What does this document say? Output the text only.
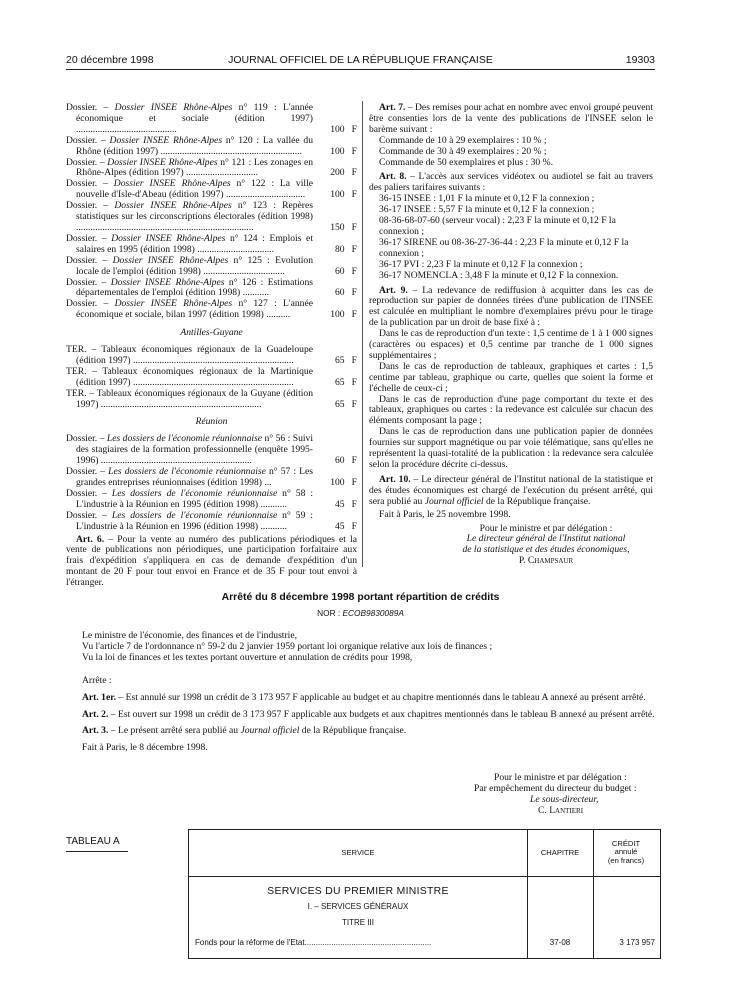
20 décembre 1998	JOURNAL OFFICIEL DE LA RÉPUBLIQUE FRANÇAISE	19303
Dossier. – Dossier INSEE Rhône-Alpes n° 119 : L'année économique et sociale (édition 1997) ..........................................	100 F
Dossier. – Dossier INSEE Rhône-Alpes n° 120 : La vallée du Rhône (édition 1997) ...........................................................	100 F
Dossier. – Dossier INSEE Rhône-Alpes n° 121 : Les zonages en Rhône-Alpes (édition 1997) ..............................	200 F
Dossier. – Dossier INSEE Rhône-Alpes n° 122 : La ville nouvelle d'Isle-d'Abeau (édition 1997) .................................	100 F
Dossier. – Dossier INSEE Rhône-Alpes n° 123 : Repères statistiques sur les circonscriptions électorales (édition 1998) ..........................................................................	150 F
Dossier. – Dossier INSEE Rhône-Alpes n° 124 : Emplois et salaires en 1995 (édition 1998) ................................	80 F
Dossier. – Dossier INSEE Rhône-Alpes n° 125 : Evolution locale de l'emploi (édition 1998) ..................................	60 F
Dossier. – Dossier INSEE Rhône-Alpes n° 126 : Estimations départementales de l'emploi (édition 1998) ...........	60 F
Dossier. – Dossier INSEE Rhône-Alpes n° 127 : L'année économique et sociale, bilan 1997 (édition 1998) ..........	100 F
Antilles-Guyane
TER. – Tableaux économiques régionaux de la Guadeloupe (édition 1997) ...................................................................	65 F
TER. – Tableaux économiques régionaux de la Martinique (édition 1997) ...................................................................	65 F
TER. – Tableaux économiques régionaux de la Guyane (édition 1997) ...................................................................	65 F
Réunion
Dossier. – Les dossiers de l'économie réunionnaise n° 56 : Suivi des stagiaires de la formation professionnelle (enquête 1995-1996) ...............................................................	60 F
Dossier. – Les dossiers de l'économie réunionnaise n° 57 : Les grandes entreprises réunionnaises (édition 1998) ...	100 F
Dossier. – Les dossiers de l'économie réunionnaise n° 58 : L'industrie à la Réunion en 1995 (édition 1998) ...........	45 F
Dossier. – Les dossiers de l'économie réunionnaise n° 59 : L'industrie à la Réunion en 1996 (édition 1998) ...........	45 F

Art. 6. – Pour la vente au numéro des publications périodiques et la vente de publications non périodiques, une participation forfaitaire aux frais d'expédition s'appliquera en cas de demande d'expédition d'un montant de 20 F pour tout envoi en France et de 35 F pour tout envoi à l'étranger.

Art. 7. – Des remises pour achat en nombre avec envoi groupé peuvent être consenties lors de la vente des publications de l'INSEE selon le barème suivant :

Commande de 10 à 29 exemplaires : 10 % ;

Commande de 30 à 49 exemplaires : 20 % ;

Commande de 50 exemplaires et plus : 30 %.

Art. 8. – L'accès aux services vidéotex ou audiotel se fait au travers des paliers tarifaires suivants :

36-15 INSEE : 1,01 F la minute et 0,12 F la connexion ;

36-17 INSEE : 5,57 F la minute et 0,12 F la connexion ;

08-36-68-07-60 (serveur vocal) : 2,23 F la minute et 0,12 F la connexion ;

36-17 SIRENE ou 08-36-27-36-44 : 2,23 F la minute et 0,12 F la connexion ;

36-17 PVI : 2,23 F la minute et 0,12 F la connexion ;

36-17 NOMENCLA : 3,48 F la minute et 0,12 F la connexion.

Art. 9. – La redevance de rediffusion à acquitter dans les cas de reproduction sur papier de données tirées d'une publication de l'INSEE est calculée en multipliant le nombre d'exemplaires prévu pour le tirage de la publication par un droit de base fixé à :

Dans le cas de reproduction d'un texte : 1,5 centime de 1 à 1 000 signes (caractères ou espaces) et 0,5 centime par tranche de 1 000 signes supplémentaires ;

Dans le cas de reproduction de tableaux, graphiques et cartes : 1,5 centime par tableau, graphique ou carte, quelles que soient la forme et l'échelle de ceux-ci ;

Dans le cas de reproduction d'une page comportant du texte et des tableaux, graphiques ou cartes : la redevance est calculée sur chacun des éléments composant la page ;

Dans le cas de reproduction dans une publication papier de données fournies sur support magnétique ou par voie télématique, sans qu'elles ne représentent la quasi-totalité de la publication : la redevance sera calculée selon la procédure décrite ci-dessus.

Art. 10. – Le directeur général de l'Institut national de la statistique et des études économiques est chargé de l'exécution du présent arrêté, qui sera publié au Journal officiel de la République française.

Fait à Paris, le 25 novembre 1998.

Pour le ministre et par délégation :
Le directeur général de l'Institut national
de la statistique et des études économiques,
P. Champsaur
Arrêté du 8 décembre 1998 portant répartition de crédits
NOR : ECOB9830089A

Le ministre de l'économie, des finances et de l'industrie,

Vu l'article 7 de l'ordonnance n° 59-2 du 2 janvier 1959 portant loi organique relative aux lois de finances ;

Vu la loi de finances et les textes portant ouverture et annulation de crédits pour 1998,

Arrête :

Art. 1er. – Est annulé sur 1998 un crédit de 3 173 957 F applicable au budget et au chapitre mentionnés dans le tableau A annexé au présent arrêté.

Art. 2. – Est ouvert sur 1998 un crédit de 3 173 957 F applicable aux budgets et aux chapitres mentionnés dans le tableau B annexé au présent arrêté.

Art. 3. – Le présent arrêté sera publié au Journal officiel de la République française.

Fait à Paris, le 8 décembre 1998.

Pour le ministre et par délégation :
Par empêchement du directeur du budget :
Le sous-directeur,
C. Lantieri
TABLEAU A
SERVICE	CHAPITRE
CRÉDIT
annulé
(en francs)
SERVICES DU PREMIER MINISTRE
I. – SERVICES GÉNÉRAUX
TITRE III
Fonds pour la réforme de l'Etat.........................................................	37-08	3 173 957
